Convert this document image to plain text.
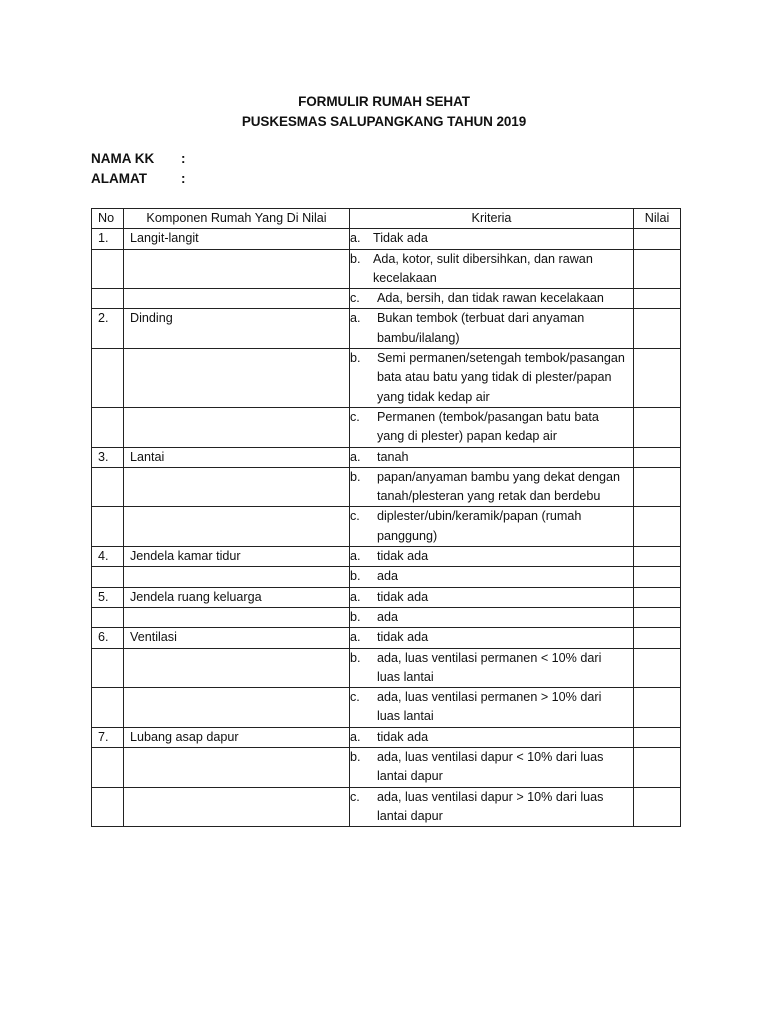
FORMULIR RUMAH SEHAT
PUSKESMAS SALUPANGKANG TAHUN 2019
NAMA KK :
ALAMAT	:
No	Komponen Rumah Yang Di Nilai	Kriteria	Nilai
1.	Langit-langit	a. Tidak ada	

		b. Ada, kotor, sulit dibersihkan, dan rawan kecelakaan	

		c. Ada, bersih, dan tidak rawan kecelakaan	

2.	Dinding	a. Bukan tembok (terbuat dari anyaman bambu/ilalang)	

		b. Semi permanen/setengah tembok/pasangan bata atau batu yang tidak di plester/papan yang tidak kedap air	

		c. Permanen (tembok/pasangan batu bata yang di plester) papan kedap air	

3.	Lantai	a. tanah	

		b. papan/anyaman bambu yang dekat dengan tanah/plesteran yang retak dan berdebu	

		c. diplester/ubin/keramik/papan (rumah panggung)	

4.	Jendela kamar tidur	a. tidak ada	

		b. ada	

5.	Jendela ruang keluarga	a. tidak ada	

		b. ada	

6.	Ventilasi	a. tidak ada	

		b. ada, luas ventilasi permanen < 10% dari luas lantai	

		c. ada, luas ventilasi permanen > 10% dari luas lantai	

7.	Lubang asap dapur	a. tidak ada	

		b. ada, luas ventilasi dapur < 10% dari luas lantai dapur	

		c. ada, luas ventilasi dapur > 10% dari luas lantai dapur	
